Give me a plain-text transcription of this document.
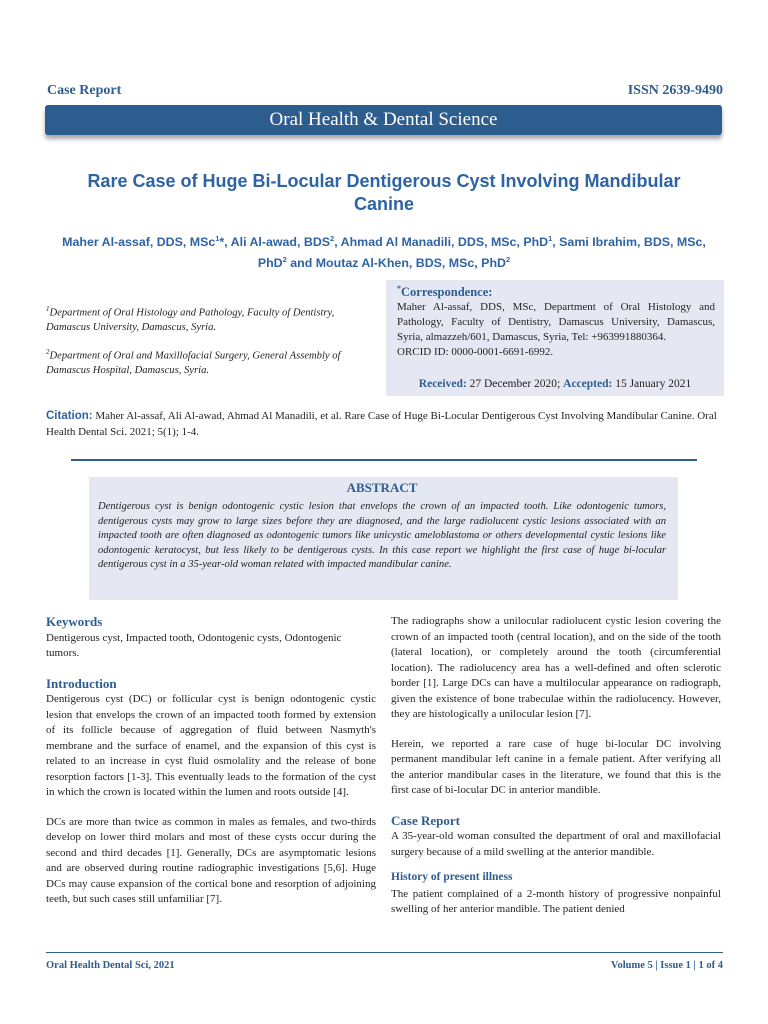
Case Report	ISSN 2639-9490
Oral Health & Dental Science
Rare Case of Huge Bi-Locular Dentigerous Cyst Involving Mandibular Canine
Maher Al-assaf, DDS, MSc$^1$*, Ali Al-awad, BDS$^2$, Ahmad Al Manadili, DDS, MSc, PhD$^1$, Sami Ibrahim, BDS, MSc, PhD$^2$ and Moutaz Al-Khen, BDS, MSc, PhD$^2$

$^1$Department of Oral Histology and Pathology, Faculty of Dentistry, Damascus University, Damascus, Syria.

$^2$Department of Oral and Maxillofacial Surgery, General Assembly of Damascus Hospital, Damascus, Syria.

*Correspondence:

Maher Al-assaf, DDS, MSc, Department of Oral Histology and Pathology, Faculty of Dentistry, Damascus University, Damascus, Syria, almazzeh/601, Damascus, Syria, Tel: +963991880364.
ORCID ID: 0000-0001-6691-6992.

Received: 27 December 2020; Accepted: 15 January 2021

Citation: Maher Al-assaf, Ali Al-awad, Ahmad Al Manadili, et al. Rare Case of Huge Bi-Locular Dentigerous Cyst Involving Mandibular Canine. Oral Health Dental Sci. 2021; 5(1); 1-4.

ABSTRACT

Dentigerous cyst is benign odontogenic cystic lesion that envelops the crown of an impacted tooth. Like odontogenic tumors, dentigerous cysts may grow to large sizes before they are diagnosed, and the large radiolucent cystic lesions associated with an impacted tooth are often diagnosed as odontogenic tumors like unicystic ameloblastoma or others developmental cystic lesions like odontogenic keratocyst, but less likely to be dentigerous cysts. In this case report we highlight the first case of huge bi-locular dentigerous cyst in a 35-year-old woman related with impacted mandibular canine.

Keywords

Dentigerous cyst, Impacted tooth, Odontogenic cysts, Odontogenic tumors.

Introduction

Dentigerous cyst (DC) or follicular cyst is benign odontogenic cystic lesion that envelops the crown of an impacted tooth formed by extension of its follicle because of aggregation of fluid between Nasmyth's membrane and the surface of enamel, and the expansion of this cyst is related to an increase in cyst fluid osmolality and the release of bone resorption factors [1-3]. This eventually leads to the formation of the cyst in which the crown is located within the lumen and roots outside [4].

DCs are more than twice as common in males as females, and two-thirds develop on lower third molars and most of these cysts occur during the second and third decades [1]. Generally, DCs are asymptomatic lesions and are observed during routine radiographic investigations [5,6]. Huge DCs may cause expansion of the cortical bone and resorption of adjoining teeth, but such cases still unfamiliar [7].

The radiographs show a unilocular radiolucent cystic lesion covering the crown of an impacted tooth (central location), and on the side of the tooth (lateral location), or completely around the tooth (circumferential location). The radiolucency area has a well-defined and often sclerotic border [1]. Large DCs can have a multilocular appearance on radiograph, given the existence of bone trabeculae within the radiolucency. However, they are histologically a unilocular lesion [7].

Herein, we reported a rare case of huge bi-locular DC involving permanent mandibular left canine in a female patient. After verifying all the anterior mandibular cases in the literature, we found that this is the first case of bi-locular DC in anterior mandible.

Case Report

A 35-year-old woman consulted the department of oral and maxillofacial surgery because of a mild swelling at the anterior mandible.

History of present illness

The patient complained of a 2-month history of progressive nonpainful swelling of her anterior mandible. The patient denied

Oral Health Dental Sci, 2021	Volume 5 | Issue 1 | 1 of 4
